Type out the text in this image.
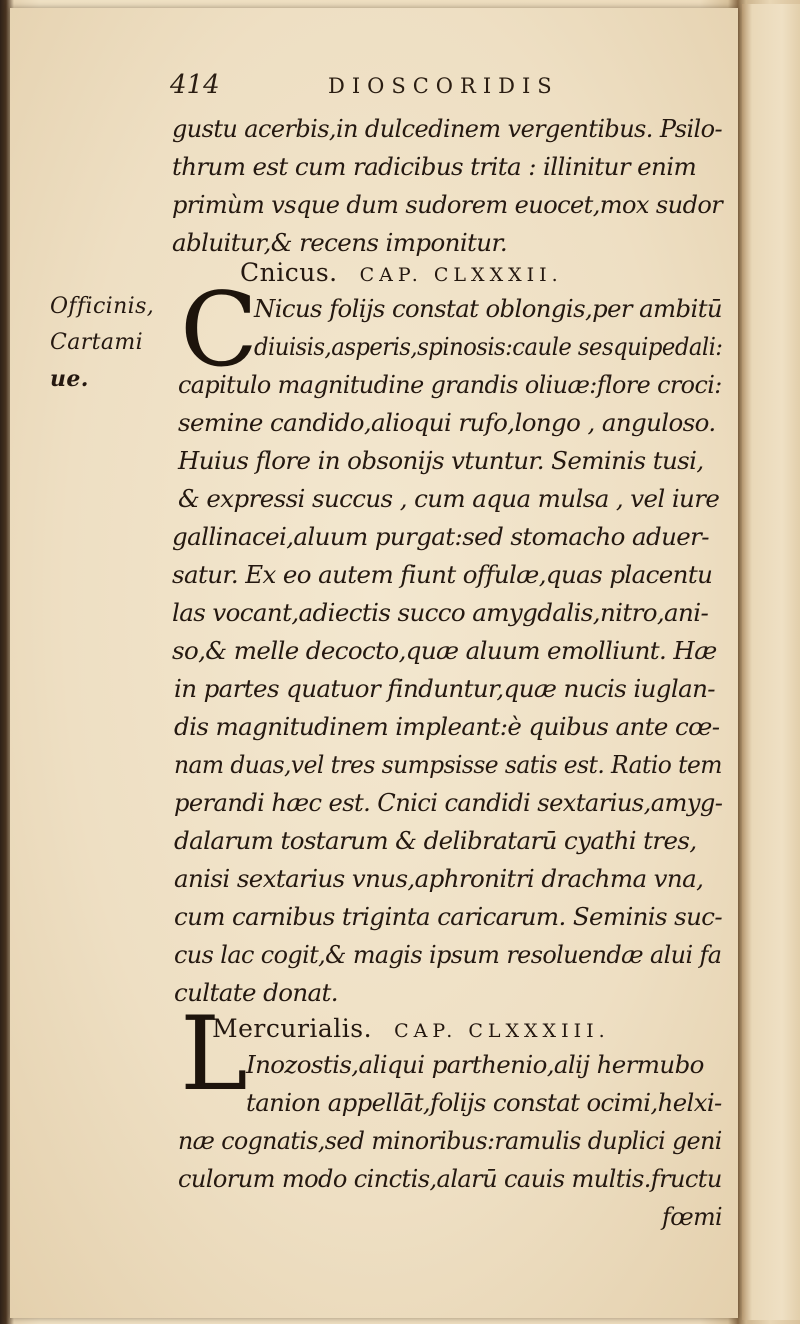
414	DIOSCORIDIS
gustu acerbis,in dulcedinem vergentibus. Psilo-
thrum est cum radicibus trita : illinitur enim
primùm vsque dum sudorem euocet,mox sudor
abluitur,& recens imponitur.
Cnicus. CAP. CLXXXII.
Officinis,
Cartami
ue. C
Nicus folijs constat oblongis,per ambitū
diuisis,asperis,spinosis:caule sesquipedali:
capitulo magnitudine grandis oliuæ:flore croci:
semine candido,alioqui rufo,longo , anguloso.
Huius flore in obsonijs vtuntur. Seminis tusi,
& expressi succus , cum aqua mulsa , vel iure
gallinacei,aluum purgat:sed stomacho aduer-
satur. Ex eo autem fiunt offulæ,quas placentu
las vocant,adiectis succo amygdalis,nitro,ani-
so,& melle decocto,quæ aluum emolliunt. Hæ
in partes quatuor finduntur,quæ nucis iuglan-
dis magnitudinem impleant:è quibus ante cœ-
nam duas,vel tres sumpsisse satis est. Ratio tem
perandi hæc est. Cnici candidi sextarius,amyg-
dalarum tostarum & delibratarū cyathi tres,
anisi sextarius vnus,aphronitri drachma vna,
cum carnibus triginta caricarum. Seminis suc-
cus lac cogit,& magis ipsum resoluendæ alui fa
cultate donat.
Mercurialis. CAP. CLXXXIII.
L
Inozostis,aliqui parthenio,alij hermubo
tanion appellāt,folijs constat ocimi,helxi-
næ cognatis,sed minoribus:ramulis duplici geni
culorum modo cinctis,alarū cauis multis.fructu
fœmi
